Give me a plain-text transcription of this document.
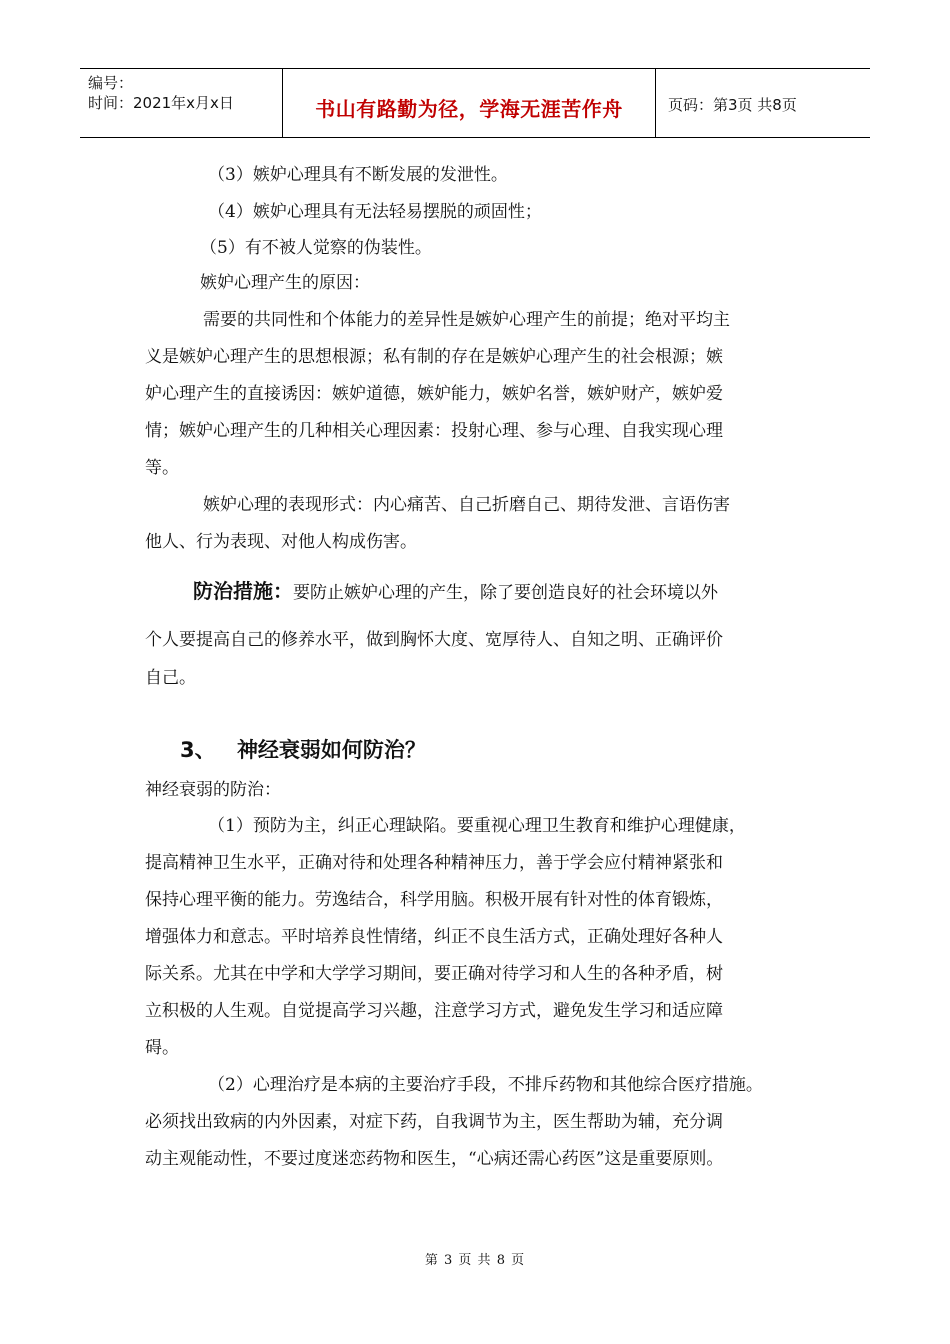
编号：
时间：2021年x月x日	书山有路勤为径，学海无涯苦作舟	页码：第3页 共8页
（3）嫉妒心理具有不断发展的发泄性。
（4）嫉妒心理具有无法轻易摆脱的顽固性；
（5）有不被人觉察的伪装性。
嫉妒心理产生的原因：
需要的共同性和个体能力的差异性是嫉妒心理产生的前提；绝对平均主
义是嫉妒心理产生的思想根源；私有制的存在是嫉妒心理产生的社会根源；嫉
妒心理产生的直接诱因：嫉妒道德，嫉妒能力，嫉妒名誉，嫉妒财产，嫉妒爱
情；嫉妒心理产生的几种相关心理因素：投射心理、参与心理、自我实现心理
等。
嫉妒心理的表现形式：内心痛苦、自己折磨自己、期待发泄、言语伤害
他人、行为表现、对他人构成伤害。
防治措施：要防止嫉妒心理的产生，除了要创造良好的社会环境以外
个人要提高自己的修养水平，做到胸怀大度、宽厚待人、自知之明、正确评价
自己。
3、 神经衰弱如何防治？
神经衰弱的防治：
（1）预防为主，纠正心理缺陷。要重视心理卫生教育和维护心理健康，
提高精神卫生水平，正确对待和处理各种精神压力，善于学会应付精神紧张和
保持心理平衡的能力。劳逸结合，科学用脑。积极开展有针对性的体育锻炼，
增强体力和意志。平时培养良性情绪，纠正不良生活方式，正确处理好各种人
际关系。尤其在中学和大学学习期间，要正确对待学习和人生的各种矛盾，树
立积极的人生观。自觉提高学习兴趣，注意学习方式，避免发生学习和适应障
碍。
（2）心理治疗是本病的主要治疗手段，不排斥药物和其他综合医疗措施。
必须找出致病的内外因素，对症下药，自我调节为主，医生帮助为辅，充分调
动主观能动性，不要过度迷恋药物和医生，“心病还需心药医”这是重要原则。
第 3 页 共 8 页
